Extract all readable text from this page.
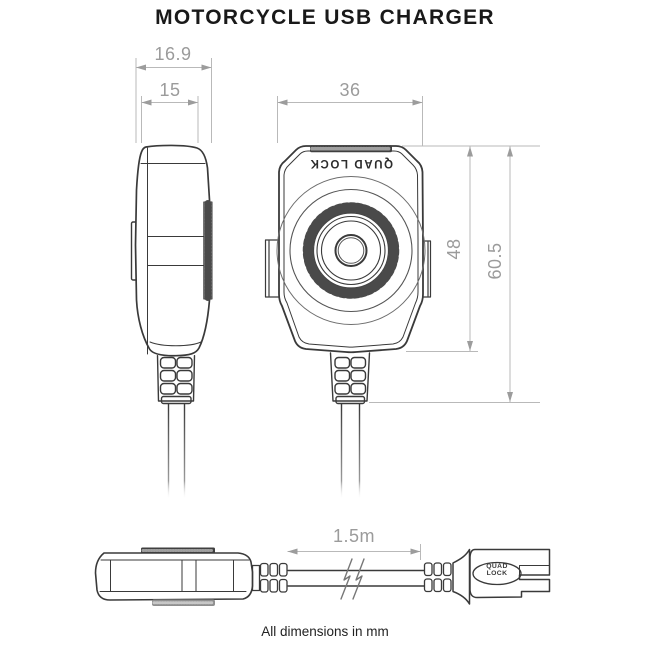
MOTORCYCLE USB CHARGER
16.9
15	36
48 60.5
1.5m
QUAD LOCK
QUAD
LOCK
All dimensions in mm
